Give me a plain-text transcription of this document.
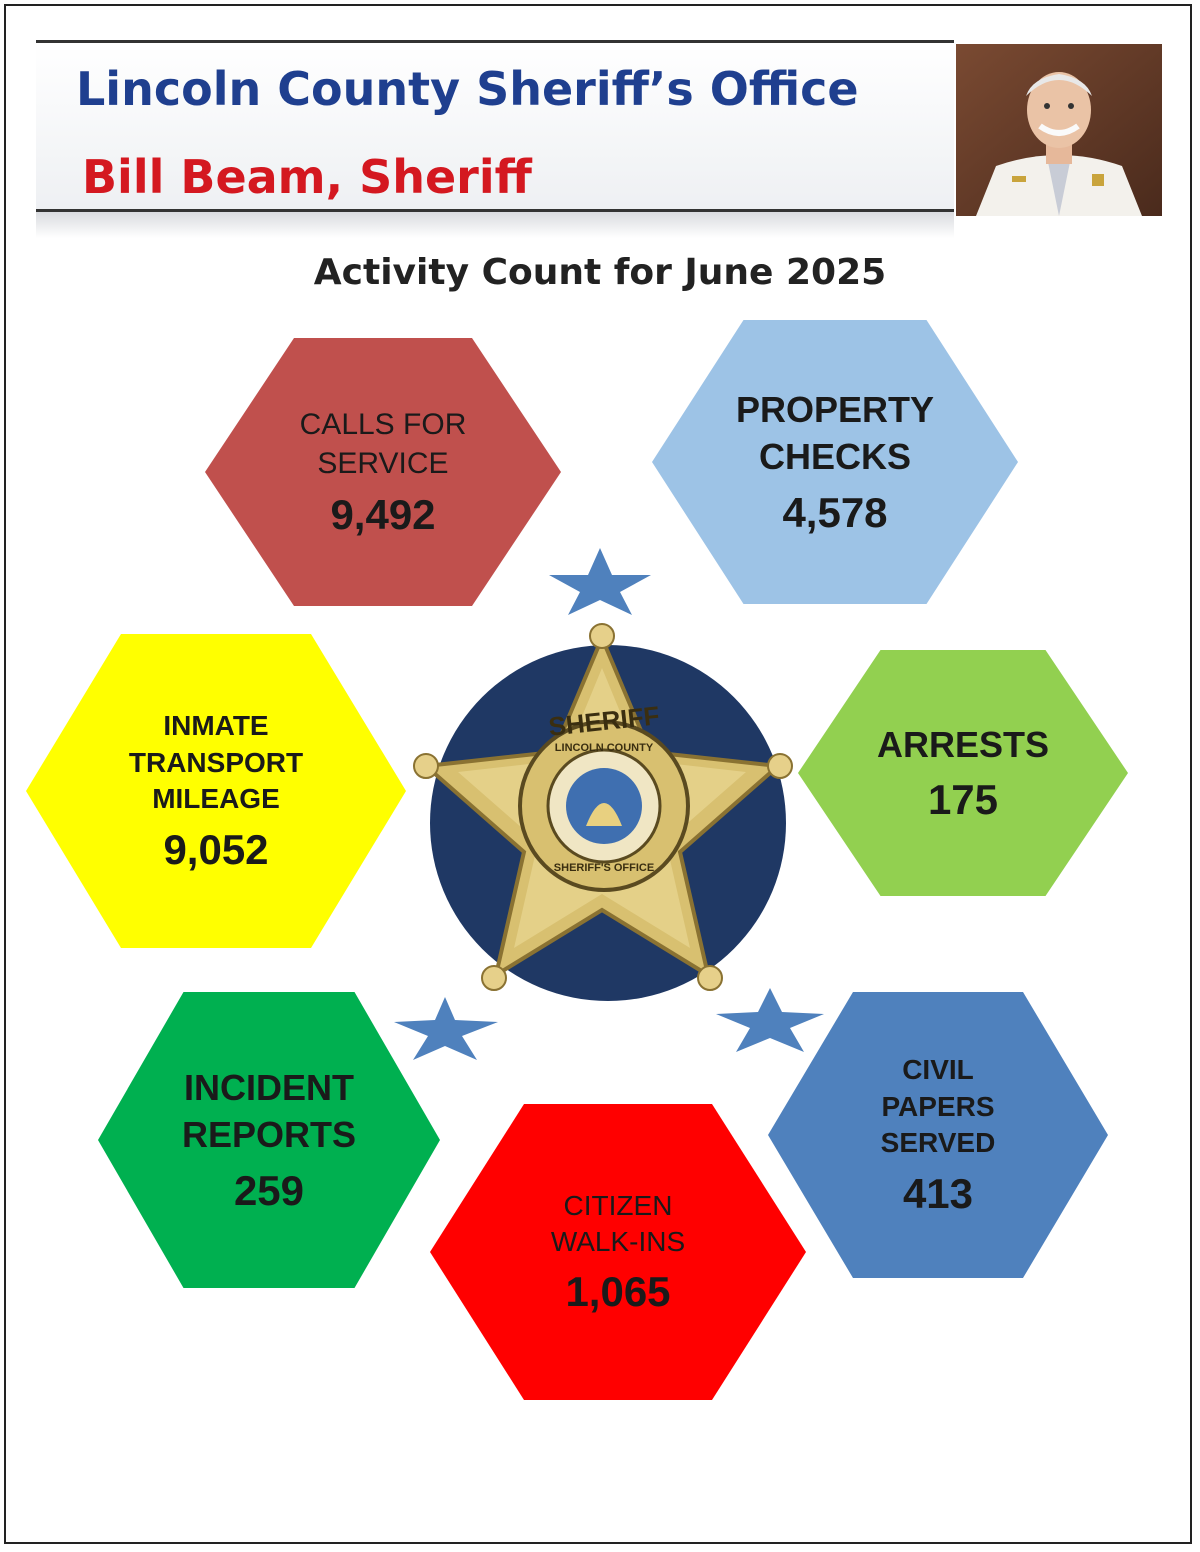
Lincoln County Sheriff’s Office
Bill Beam, Sheriff
Activity Count for June 2025
SHERIFF
LINCOLN COUNTY
SHERIFF'S OFFICE
CALLS FOR
SERVICE
9,492
PROPERTY
CHECKS
4,578
INMATE
TRANSPORT
MILEAGE
9,052
ARRESTS
175
INCIDENT
REPORTS
259	CITIZEN
WALK-INS
1,065
CIVIL
PAPERS
SERVED
413
